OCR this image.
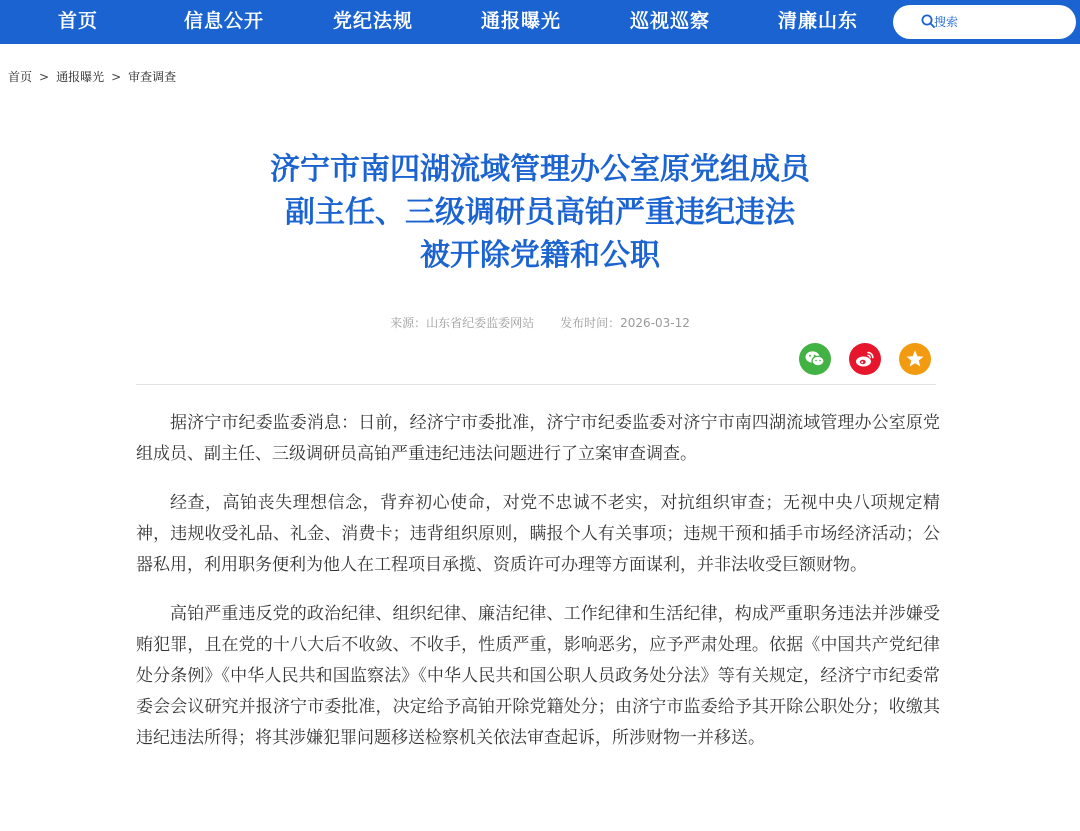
首页	信息公开	党纪法规	通报曝光	巡视巡察	清廉山东	搜索
首页 > 通报曝光 > 审查调查
济宁市南四湖流域管理办公室原党组成员
副主任、三级调研员高铂严重违纪违法
被开除党籍和公职
来源：山东省纪委监委网站 发布时间：2026-03-12

据济宁市纪委监委消息：日前，经济宁市委批准，济宁市纪委监委对济宁市南四湖流域管理办公室原党组成员、副主任、三级调研员高铂严重违纪违法问题进行了立案审查调查。

经查，高铂丧失理想信念，背弃初心使命，对党不忠诚不老实，对抗组织审查；无视中央八项规定精神，违规收受礼品、礼金、消费卡；违背组织原则，瞒报个人有关事项；违规干预和插手市场经济活动；公器私用，利用职务便利为他人在工程项目承揽、资质许可办理等方面谋利，并非法收受巨额财物。

高铂严重违反党的政治纪律、组织纪律、廉洁纪律、工作纪律和生活纪律，构成严重职务违法并涉嫌受贿犯罪，且在党的十八大后不收敛、不收手，性质严重，影响恶劣，应予严肃处理。依据《中国共产党纪律处分条例》《中华人民共和国监察法》《中华人民共和国公职人员政务处分法》等有关规定，经济宁市纪委常委会会议研究并报济宁市委批准，决定给予高铂开除党籍处分；由济宁市监委给予其开除公职处分；收缴其违纪违法所得；将其涉嫌犯罪问题移送检察机关依法审查起诉，所涉财物一并移送。
